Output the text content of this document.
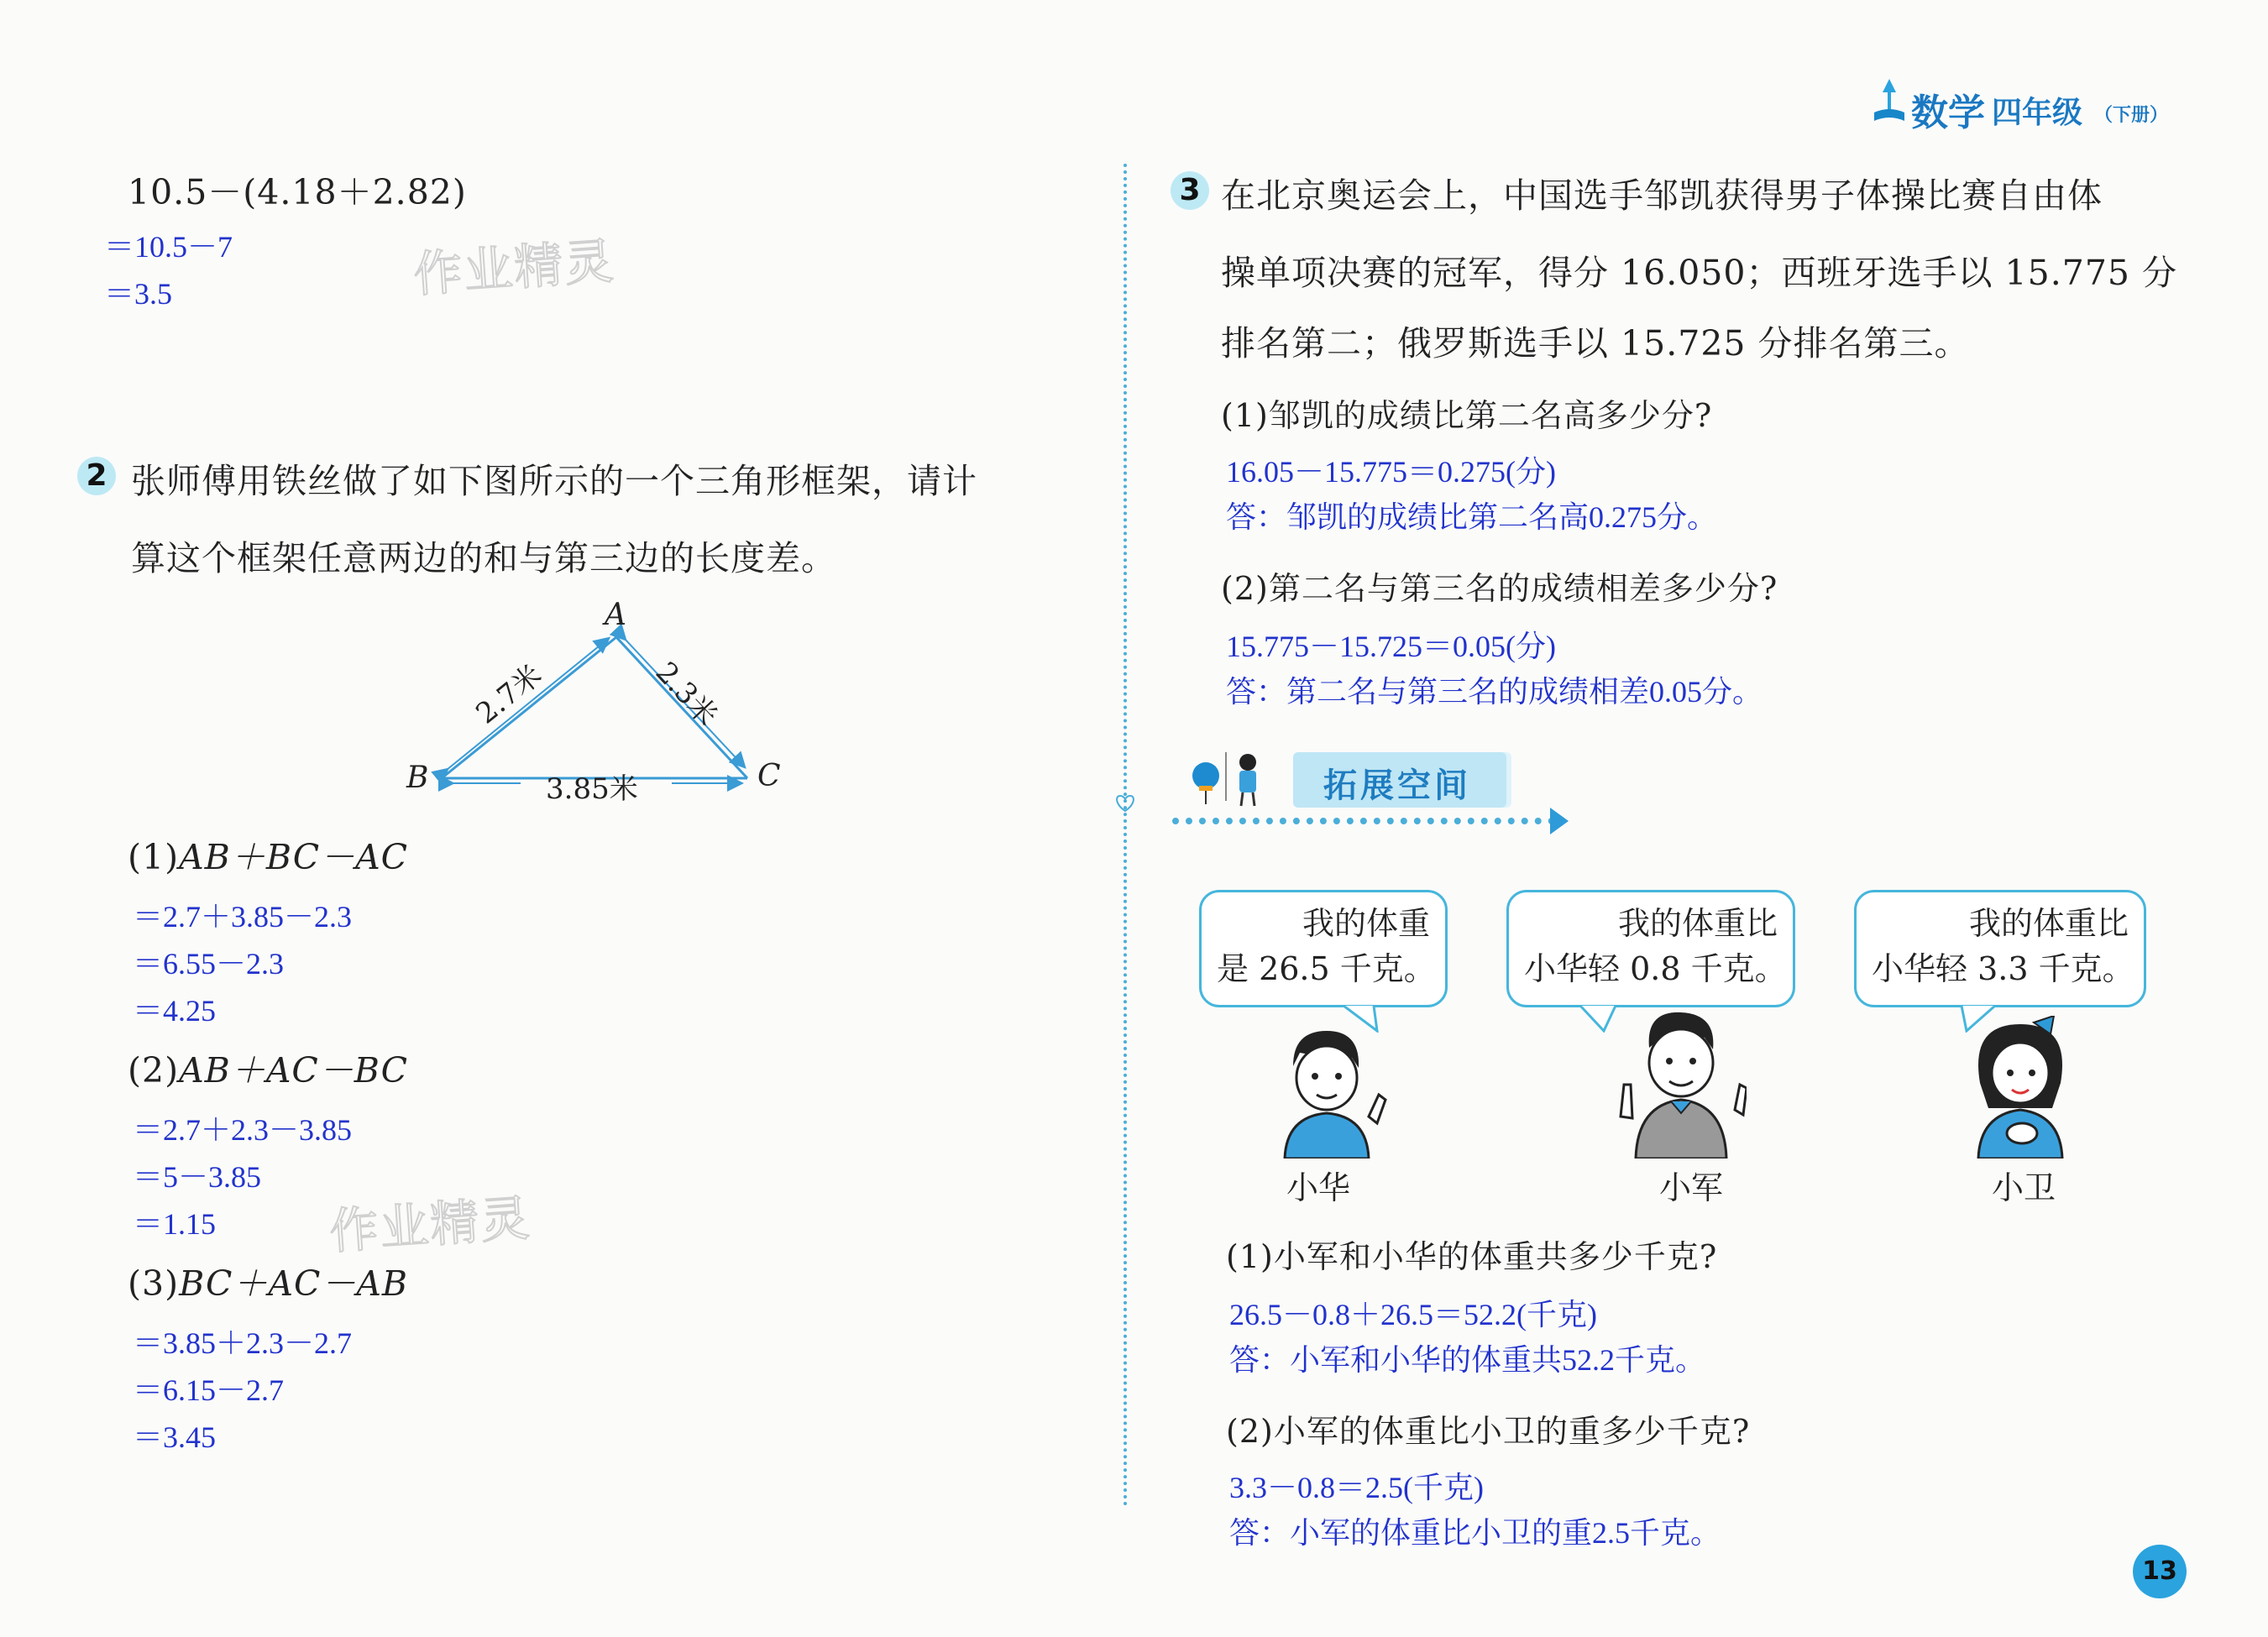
数学 四年级 （下册）
作业精灵
作业精灵
10.5－(4.18＋2.82)
＝10.5－7
＝3.5
2 张师傅用铁丝做了如下图所示的一个三角形框架，请计
算这个框架任意两边的和与第三边的长度差。
A
B	C
2.7米	2.3米
3.85米
(1)AB＋BC－AC
＝2.7＋3.85－2.3
＝6.55－2.3
＝4.25
(2)AB＋AC－BC
＝2.7＋2.3－3.85
＝5－3.85
＝1.15
(3)BC＋AC－AB
＝3.85＋2.3－2.7
＝6.15－2.7
＝3.45
3 在北京奥运会上，中国选手邹凯获得男子体操比赛自由体
操单项决赛的冠军，得分 16.050；西班牙选手以 15.775 分
排名第二；俄罗斯选手以 15.725 分排名第三。
(1)邹凯的成绩比第二名高多少分?
16.05－15.775＝0.275(分)
答：邹凯的成绩比第二名高0.275分。
(2)第二名与第三名的成绩相差多少分?
15.775－15.725＝0.05(分)
答：第二名与第三名的成绩相差0.05分。
拓展空间
我的体重
是 26.5 千克。
我的体重比
小华轻 0.8 千克。
我的体重比
小华轻 3.3 千克。
小华	小军	小卫
(1)小军和小华的体重共多少千克?
26.5－0.8＋26.5＝52.2(千克)
答：小军和小华的体重共52.2千克。
(2)小军的体重比小卫的重多少千克?
3.3－0.8＝2.5(千克)
答：小军的体重比小卫的重2.5千克。
13
